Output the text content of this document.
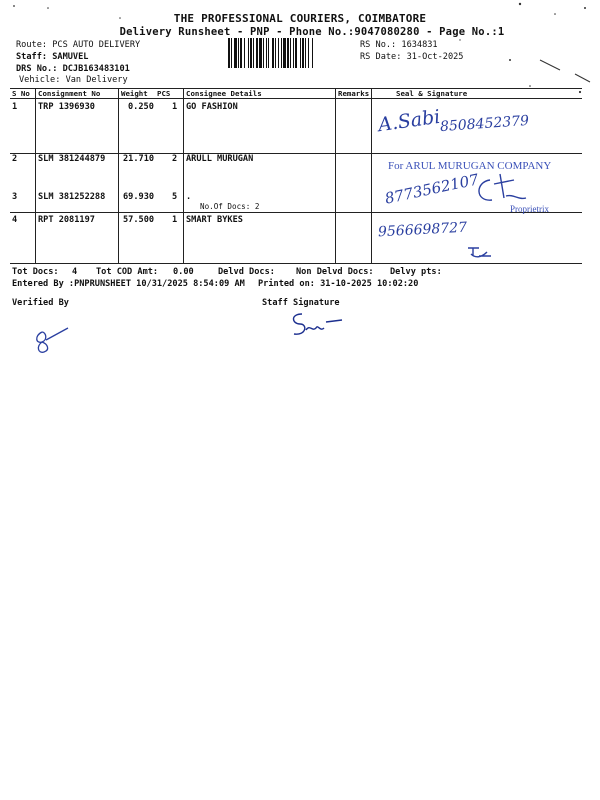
THE PROFESSIONAL COURIERS, COIMBATORE
Delivery Runsheet - PNP - Phone No.:9047080280 - Page No.:1
Route: PCS AUTO DELIVERY
Staff: SAMUVEL
DRS No.: DCJB163483101
Vehicle: Van Delivery
RS No.: 1634831
RS Date: 31-Oct-2025
S No Consignment No	Weight PCS Consignee Details	Remarks	Seal & Signature
1 TRP 1396930	0.250 1 GO FASHION
2 SLM 381244879 21.710 2 ARULL MURUGAN
3 SLM 381252288 69.930 5 .
No.Of Docs: 2
4 RPT 2081197	57.500 1 SMART BYKES
A.Sabi
8508452379
For ARUL MURUGAN COMPANY
8773562107
Proprietrix
9566698727
Tot Docs: 4 Tot COD Amt: 0.00	Delvd Docs: Non Delvd Docs: Delvy pts:
Entered By :PNPRUNSHEET 10/31/2025 8:54:09 AM Printed on: 31-10-2025 10:02:20
Verified By	Staff Signature
